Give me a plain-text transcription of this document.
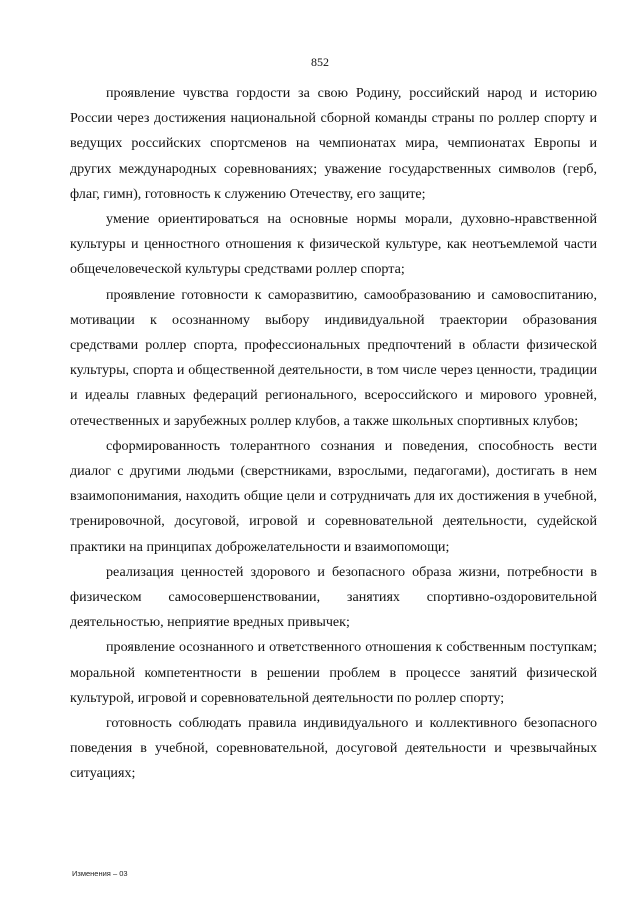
852

проявление чувства гордости за свою Родину, российский народ и историю России через достижения национальной сборной команды страны по роллер спорту и ведущих российских спортсменов на чемпионатах мира, чемпионатах Европы и других международных соревнованиях; уважение государственных символов (герб, флаг, гимн), готовность к служению Отечеству, его защите;

умение ориентироваться на основные нормы морали, духовно-нравственной культуры и ценностного отношения к физической культуре, как неотъемлемой части общечеловеческой культуры средствами роллер спорта;

проявление готовности к саморазвитию, самообразованию и самовоспитанию, мотивации к осознанному выбору индивидуальной траектории образования средствами роллер спорта, профессиональных предпочтений в области физической культуры, спорта и общественной деятельности, в том числе через ценности, традиции и идеалы главных федераций регионального, всероссийского и мирового уровней, отечественных и зарубежных роллер клубов, а также школьных спортивных клубов;

сформированность толерантного сознания и поведения, способность вести диалог с другими людьми (сверстниками, взрослыми, педагогами), достигать в нем взаимопонимания, находить общие цели и сотрудничать для их достижения в учебной, тренировочной, досуговой, игровой и соревновательной деятельности, судейской практики на принципах доброжелательности и взаимопомощи;

реализация ценностей здорового и безопасного образа жизни, потребности в физическом самосовершенствовании, занятиях спортивно-оздоровительной деятельностью, неприятие вредных привычек;

проявление осознанного и ответственного отношения к собственным поступкам; моральной компетентности в решении проблем в процессе занятий физической культурой, игровой и соревновательной деятельности по роллер спорту;

готовность соблюдать правила индивидуального и коллективного безопасного поведения в учебной, соревновательной, досуговой деятельности и чрезвычайных ситуациях;

Изменения – 03
